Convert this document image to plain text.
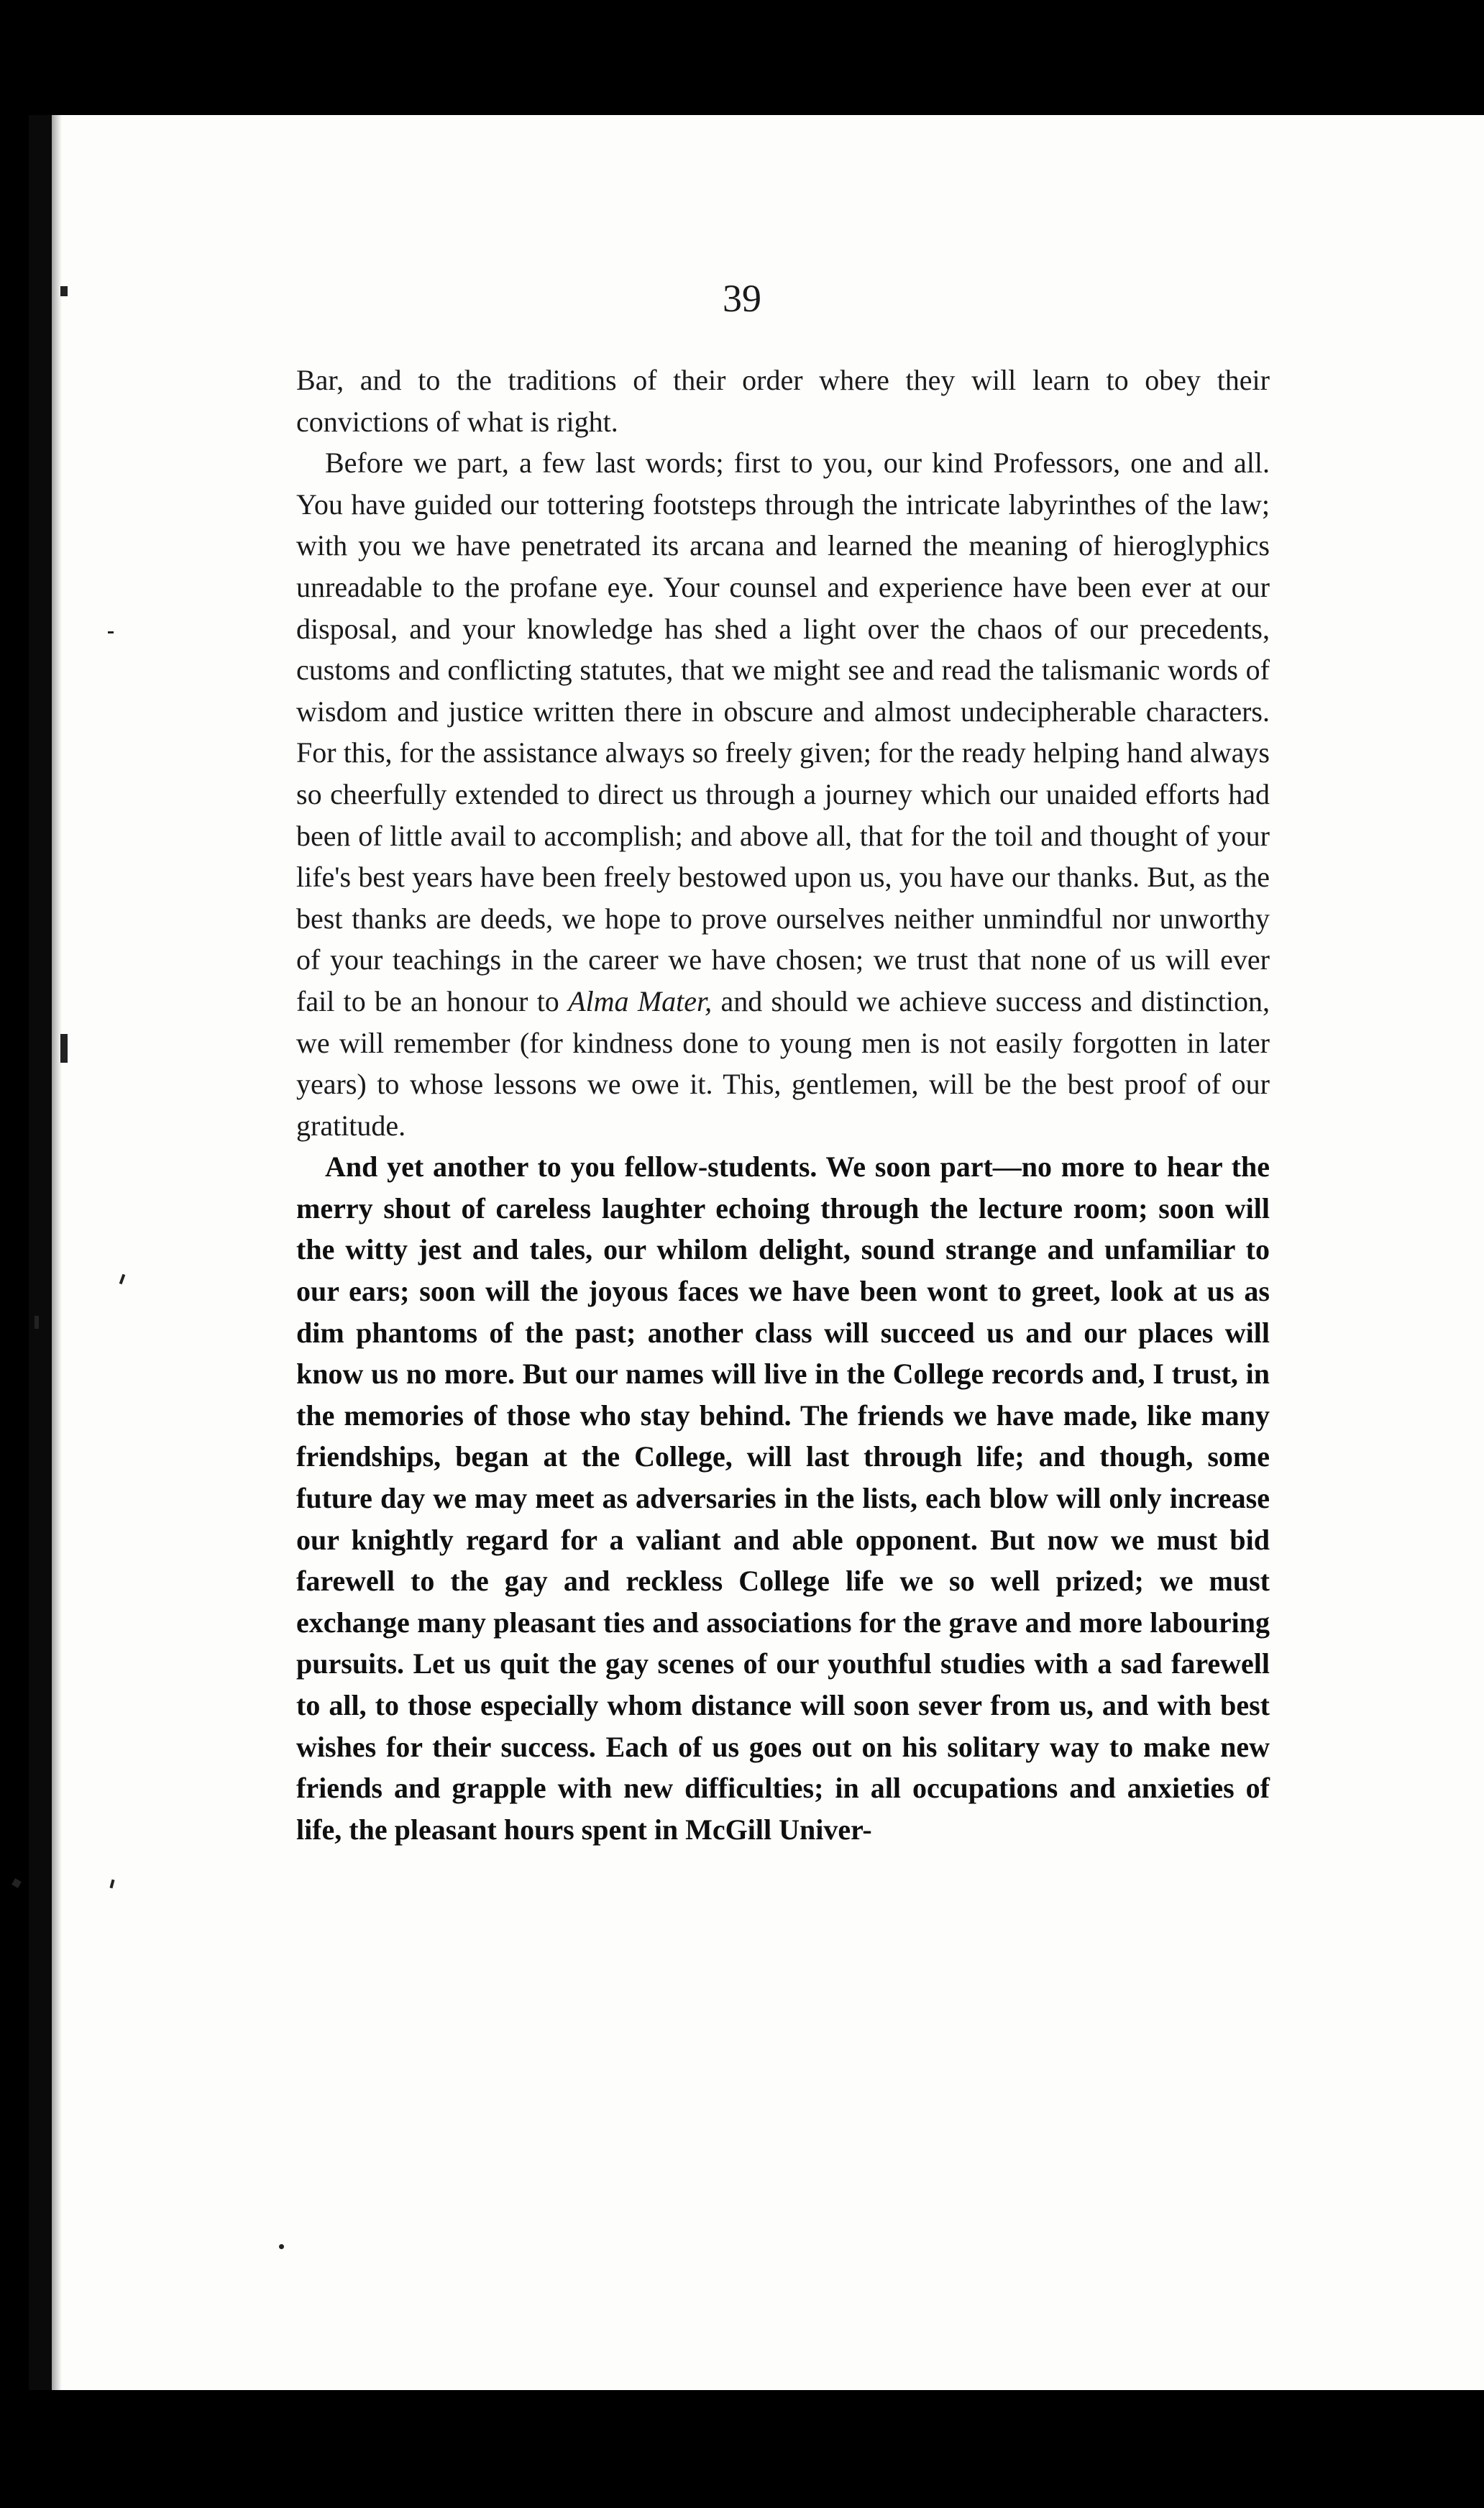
39

Bar, and to the traditions of their order where they will learn to obey their convictions of what is right.

Before we part, a few last words; first to you, our kind Professors, one and all. You have guided our tottering footsteps through the intricate labyrinthes of the law; with you we have penetrated its arcana and learned the meaning of hieroglyphics unreadable to the profane eye. Your counsel and experience have been ever at our disposal, and your knowledge has shed a light over the chaos of our precedents, customs and conflicting statutes, that we might see and read the talismanic words of wisdom and justice written there in obscure and almost undecipherable characters. For this, for the assistance always so freely given; for the ready helping hand always so cheerfully extended to direct us through a journey which our unaided efforts had been of little avail to accomplish; and above all, that for the toil and thought of your life's best years have been freely bestowed upon us, you have our thanks. But, as the best thanks are deeds, we hope to prove ourselves neither unmindful nor unworthy of your teachings in the career we have chosen; we trust that none of us will ever fail to be an honour to Alma Mater, and should we achieve success and distinction, we will remember (for kindness done to young men is not easily forgotten in later years) to whose lessons we owe it. This, gentlemen, will be the best proof of our gratitude.

And yet another to you fellow-students. We soon part—no more to hear the merry shout of careless laughter echoing through the lecture room; soon will the witty jest and tales, our whilom delight, sound strange and unfamiliar to our ears; soon will the joyous faces we have been wont to greet, look at us as dim phantoms of the past; another class will succeed us and our places will know us no more. But our names will live in the College records and, I trust, in the memories of those who stay behind. The friends we have made, like many friendships, began at the College, will last through life; and though, some future day we may meet as adversaries in the lists, each blow will only increase our knightly regard for a valiant and able opponent. But now we must bid farewell to the gay and reckless College life we so well prized; we must exchange many pleasant ties and associations for the grave and more labouring pursuits. Let us quit the gay scenes of our youthful studies with a sad farewell to all, to those especially whom distance will soon sever from us, and with best wishes for their success. Each of us goes out on his solitary way to make new friends and grapple with new difficulties; in all occupations and anxieties of life, the pleasant hours spent in McGill Univer-
